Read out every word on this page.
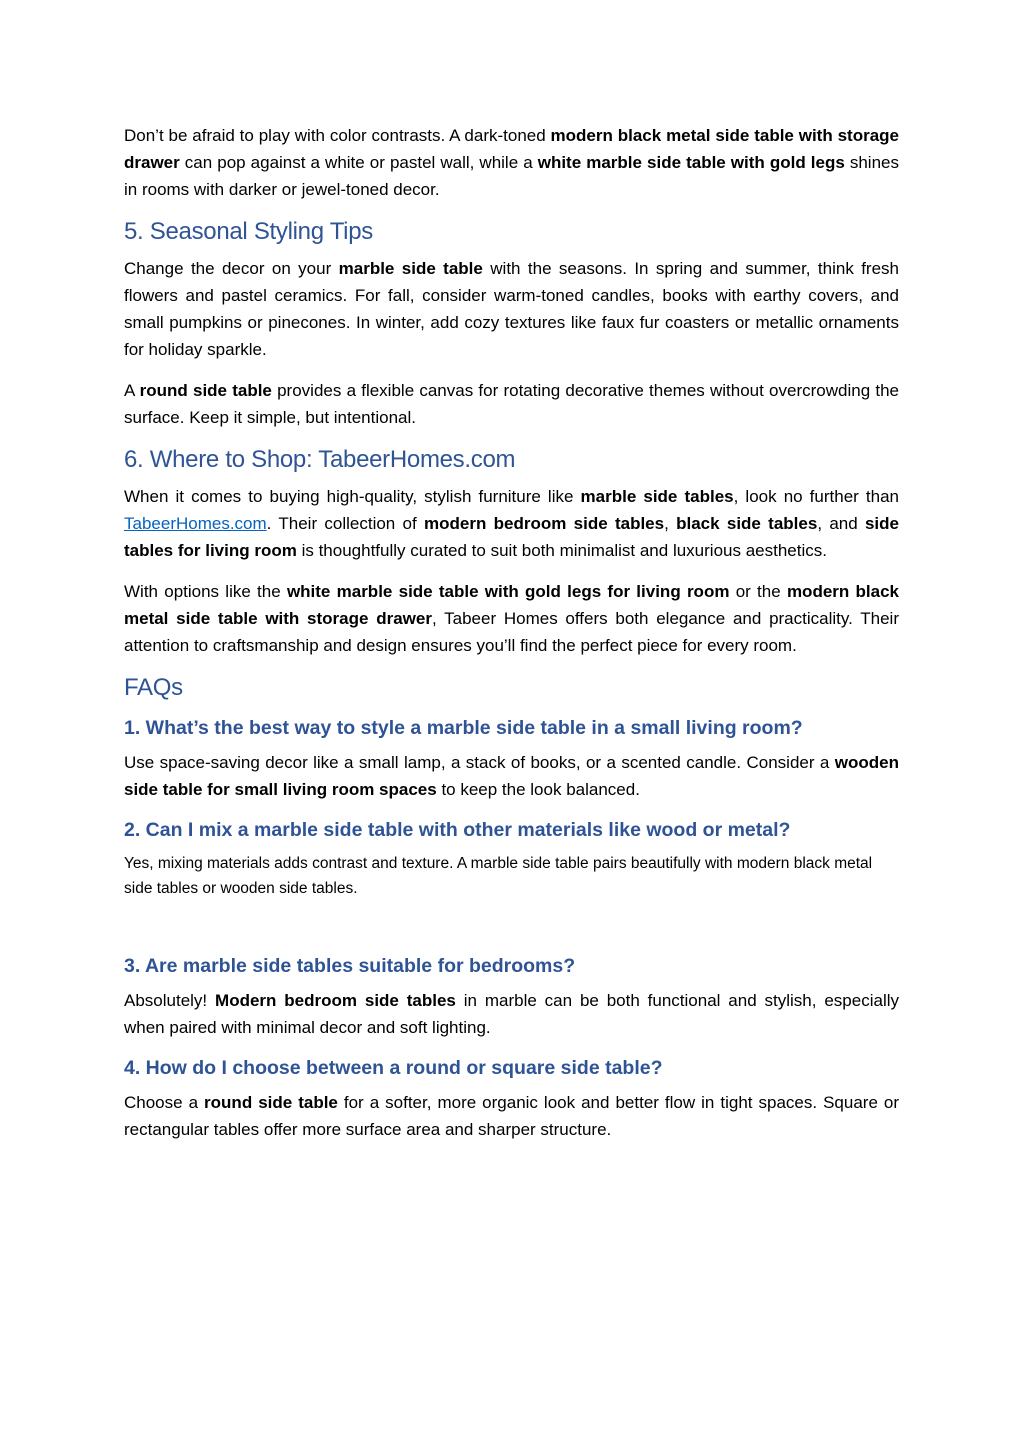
Don’t be afraid to play with color contrasts. A dark-toned modern black metal side table with storage drawer can pop against a white or pastel wall, while a white marble side table with gold legs shines in rooms with darker or jewel-toned decor.

5. Seasonal Styling Tips

Change the decor on your marble side table with the seasons. In spring and summer, think fresh flowers and pastel ceramics. For fall, consider warm-toned candles, books with earthy covers, and small pumpkins or pinecones. In winter, add cozy textures like faux fur coasters or metallic ornaments for holiday sparkle.

A round side table provides a flexible canvas for rotating decorative themes without overcrowding the surface. Keep it simple, but intentional.

6. Where to Shop: TabeerHomes.com

When it comes to buying high-quality, stylish furniture like marble side tables, look no further than TabeerHomes.com. Their collection of modern bedroom side tables, black side tables, and side tables for living room is thoughtfully curated to suit both minimalist and luxurious aesthetics.

With options like the white marble side table with gold legs for living room or the modern black metal side table with storage drawer, Tabeer Homes offers both elegance and practicality. Their attention to craftsmanship and design ensures you’ll find the perfect piece for every room.

FAQs
1. What’s the best way to style a marble side table in a small living room?

Use space-saving decor like a small lamp, a stack of books, or a scented candle. Consider a wooden side table for small living room spaces to keep the look balanced.

2. Can I mix a marble side table with other materials like wood or metal?

Yes, mixing materials adds contrast and texture. A marble side table pairs beautifully with modern black metal side tables or wooden side tables.

3. Are marble side tables suitable for bedrooms?

Absolutely! Modern bedroom side tables in marble can be both functional and stylish, especially when paired with minimal decor and soft lighting.

4. How do I choose between a round or square side table?

Choose a round side table for a softer, more organic look and better flow in tight spaces. Square or rectangular tables offer more surface area and sharper structure.
